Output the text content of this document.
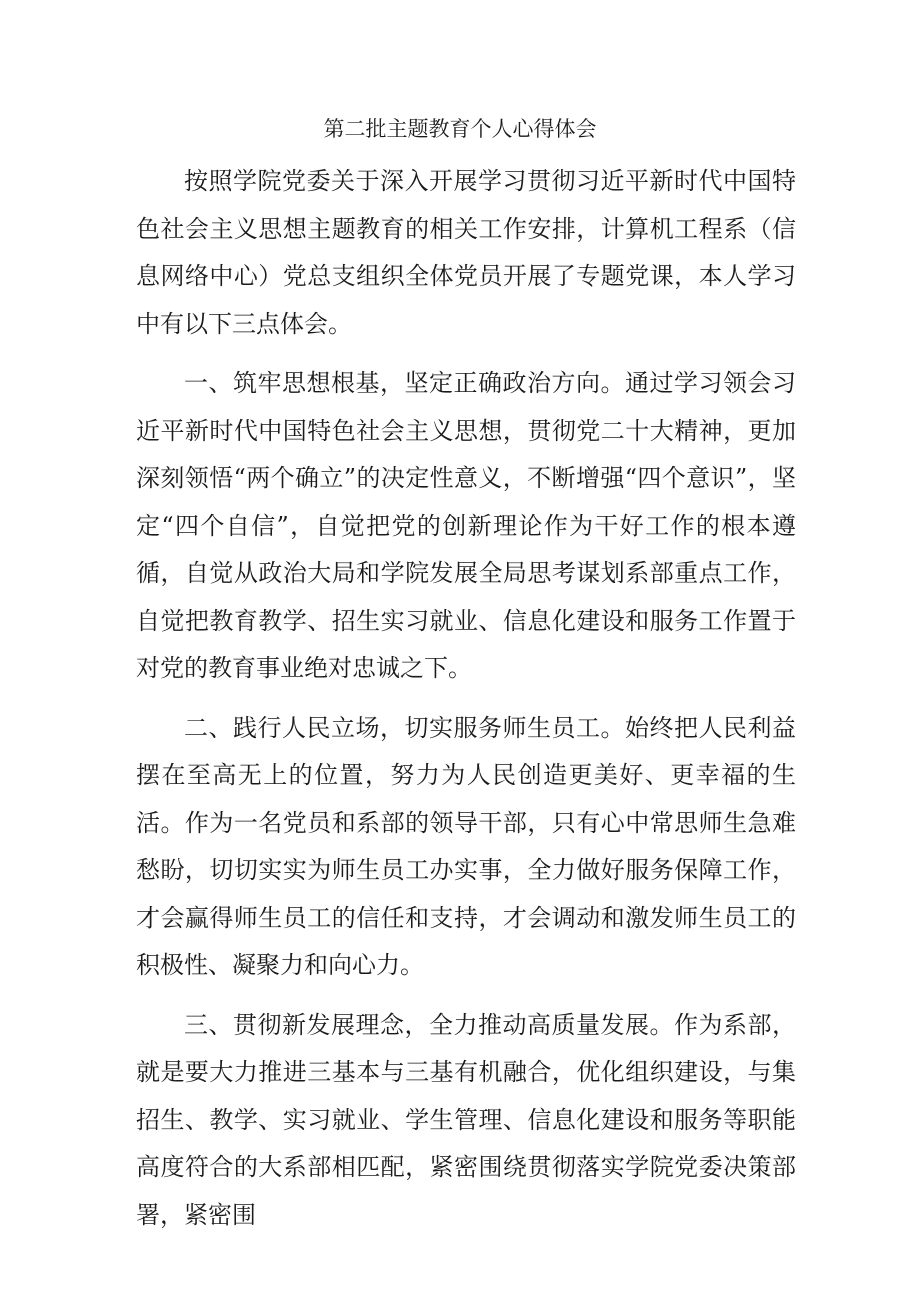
第二批主题教育个人心得体会

按照学院党委关于深入开展学习贯彻习近平新时代中国特色社会主义思想主题教育的相关工作安排，计算机工程系（信息网络中心）党总支组织全体党员开展了专题党课，本人学习中有以下三点体会。

一、筑牢思想根基，坚定正确政治方向。通过学习领会习近平新时代中国特色社会主义思想，贯彻党二十大精神，更加深刻领悟“两个确立”的决定性意义，不断增强“四个意识”，坚定“四个自信”，自觉把党的创新理论作为干好工作的根本遵循，自觉从政治大局和学院发展全局思考谋划系部重点工作，自觉把教育教学、招生实习就业、信息化建设和服务工作置于对党的教育事业绝对忠诚之下。

二、践行人民立场，切实服务师生员工。始终把人民利益摆在至高无上的位置，努力为人民创造更美好、更幸福的生活。作为一名党员和系部的领导干部，只有心中常思师生急难愁盼，切切实实为师生员工办实事，全力做好服务保障工作，才会赢得师生员工的信任和支持，才会调动和激发师生员工的积极性、凝聚力和向心力。

三、贯彻新发展理念，全力推动高质量发展。作为系部，就是要大力推进三基本与三基有机融合，优化组织建设，与集招生、教学、实习就业、学生管理、信息化建设和服务等职能高度符合的大系部相匹配，紧密围绕贯彻落实学院党委决策部署，紧密围
